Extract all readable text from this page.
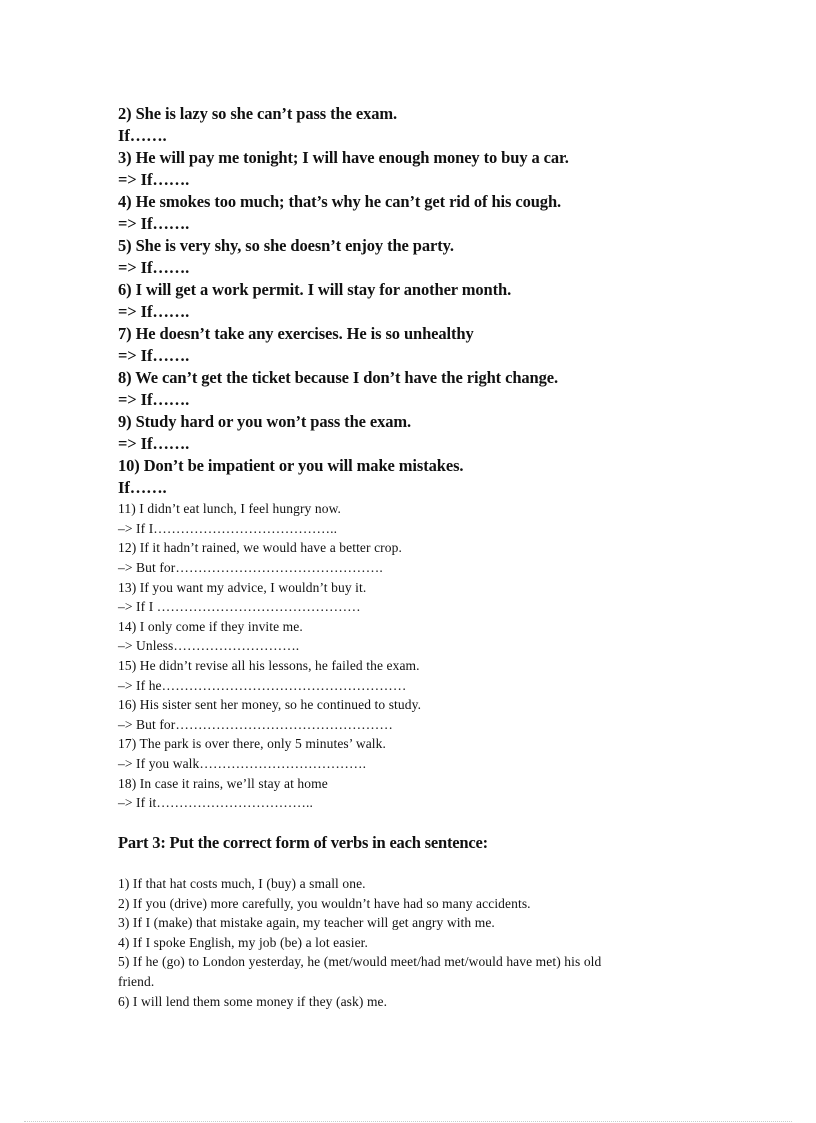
2) She is lazy so she can’t pass the exam.
If…….
3) He will pay me tonight; I will have enough money to buy a car.
=> If…….
4) He smokes too much; that’s why he can’t get rid of his cough.
=> If…….
5) She is very shy, so she doesn’t enjoy the party.
=> If…….
6) I will get a work permit. I will stay for another month.
=> If…….
7) He doesn’t take any exercises. He is so unhealthy
=> If…….
8) We can’t get the ticket because I don’t have the right change.
=> If…….
9) Study hard or you won’t pass the exam.
=> If…….
10) Don’t be impatient or you will make mistakes.
If…….
11) I didn’t eat lunch, I feel hungry now.
–> If I…………………………………..
12) If it hadn’t rained, we would have a better crop.
–> But for……………………………………….
13) If you want my advice, I wouldn’t buy it.
–> If I ………………………………………
14) I only come if they invite me.
–> Unless……………………….
15) He didn’t revise all his lessons, he failed the exam.
–> If he………………………………………………
16) His sister sent her money, so he continued to study.
–> But for…………………………………………
17) The park is over there, only 5 minutes’ walk.
–> If you walk……………………………….
18) In case it rains, we’ll stay at home
–> If it……………………………..
Part 3: Put the correct form of verbs in each sentence:
1) If that hat costs much, I (buy) a small one.
2) If you (drive) more carefully, you wouldn’t have had so many accidents.
3) If I (make) that mistake again, my teacher will get angry with me.
4) If I spoke English, my job (be) a lot easier.
5) If he (go) to London yesterday, he (met/would meet/had met/would have met) his old
friend.
6) I will lend them some money if they (ask) me.
